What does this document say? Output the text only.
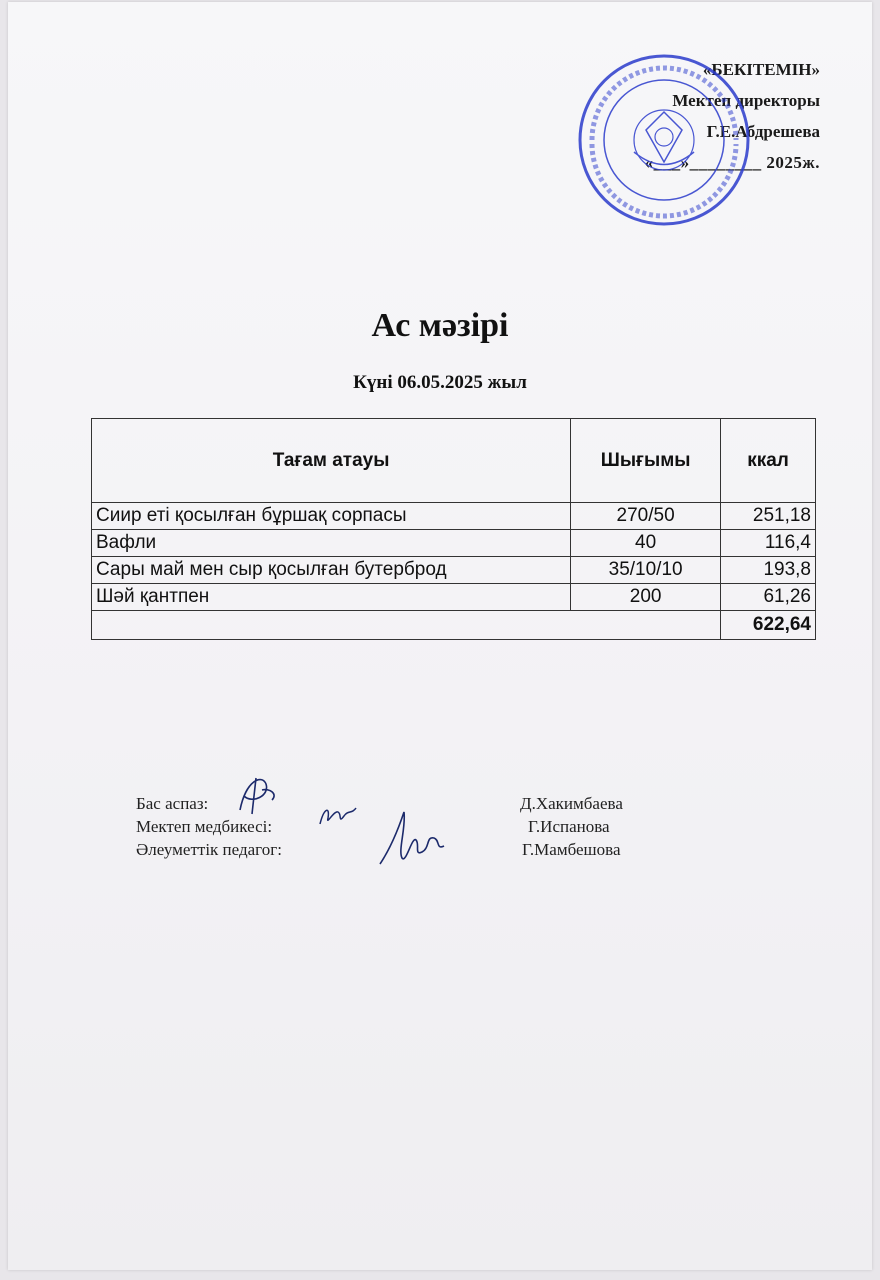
«БЕКІТЕМІН»
Мектеп директоры
Г.Е.Абдрешева
«___»________ 2025ж.
Ас мәзірі
Күні 06.05.2025 жыл
Тағам атауы	Шығымы	ккал
Сиир еті қосылған бұршақ сорпасы	270/50	251,18
Вафли	40	116,4
Сары май мен сыр қосылған бутерброд	35/10/10	193,8
Шәй қантпен	200	61,26
		622,64
Бас аспаз:	Д.Хакимбаева
Мектеп медбикесі:	Г.Испанова
Әлеуметтік педагог:	Г.Мамбешова
